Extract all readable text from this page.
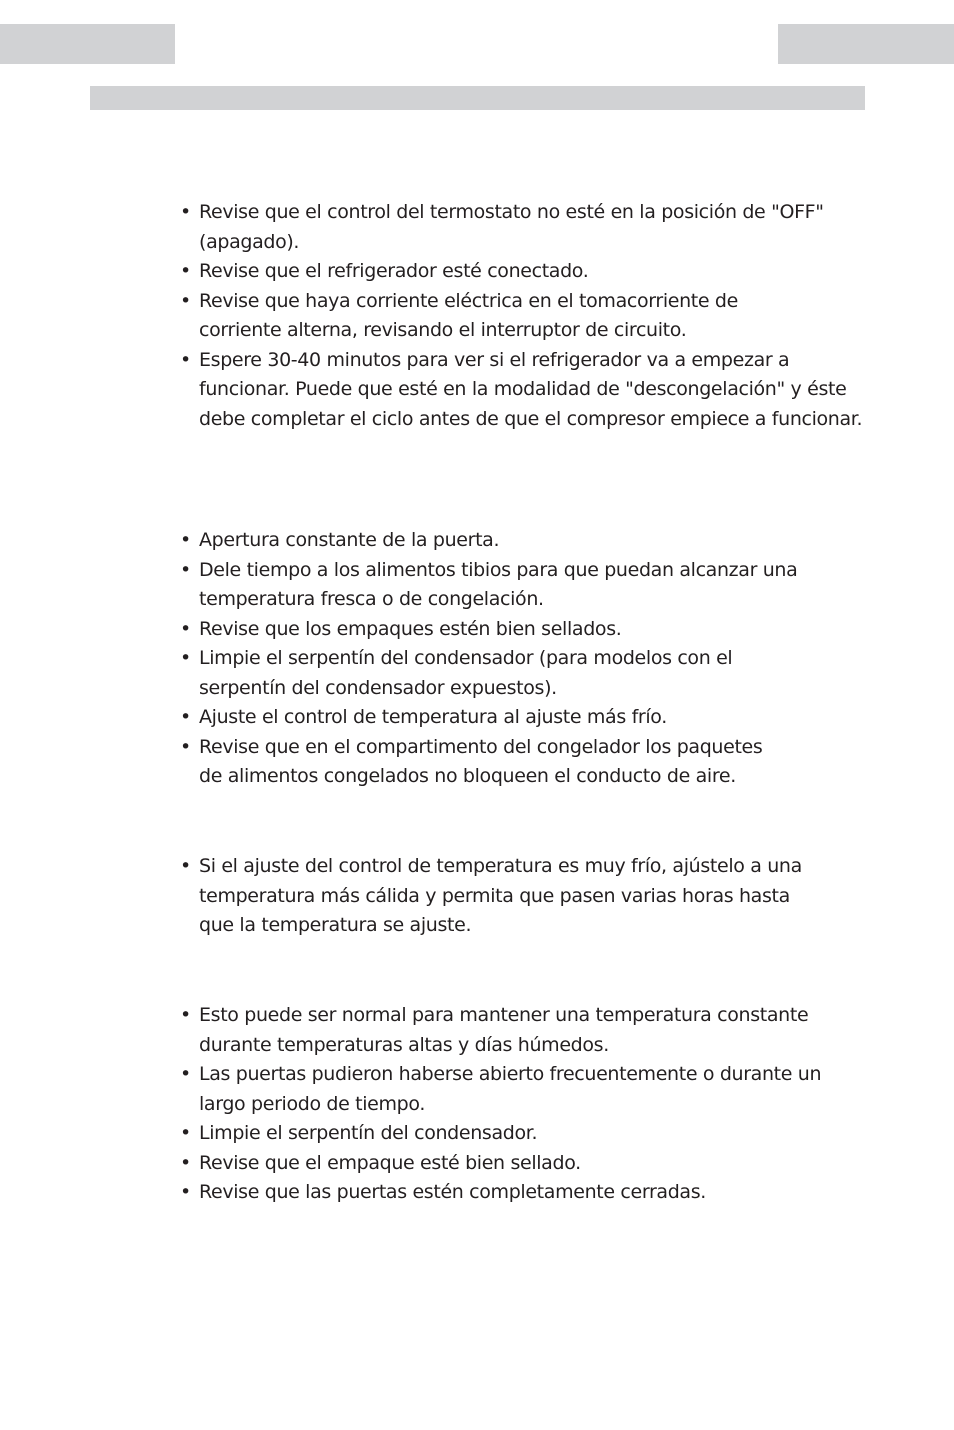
• Revise que el control del termostato no esté en la posición de "OFF"
(apagado).
• Revise que el refrigerador esté conectado.
• Revise que haya corriente eléctrica en el tomacorriente de
corriente alterna, revisando el interruptor de circuito.
• Espere 30-40 minutos para ver si el refrigerador va a empezar a
funcionar. Puede que esté en la modalidad de "descongelación" y éste
debe completar el ciclo antes de que el compresor empiece a funcionar.
• Apertura constante de la puerta.
• Dele tiempo a los alimentos tibios para que puedan alcanzar una
temperatura fresca o de congelación.
• Revise que los empaques estén bien sellados.
• Limpie el serpentín del condensador (para modelos con el
serpentín del condensador expuestos).
• Ajuste el control de temperatura al ajuste más frío.
• Revise que en el compartimento del congelador los paquetes
de alimentos congelados no bloqueen el conducto de aire.
• Si el ajuste del control de temperatura es muy frío, ajústelo a una
temperatura más cálida y permita que pasen varias horas hasta
que la temperatura se ajuste.
• Esto puede ser normal para mantener una temperatura constante
durante temperaturas altas y días húmedos.
• Las puertas pudieron haberse abierto frecuentemente o durante un
largo periodo de tiempo.
• Limpie el serpentín del condensador.
• Revise que el empaque esté bien sellado.
• Revise que las puertas estén completamente cerradas.
